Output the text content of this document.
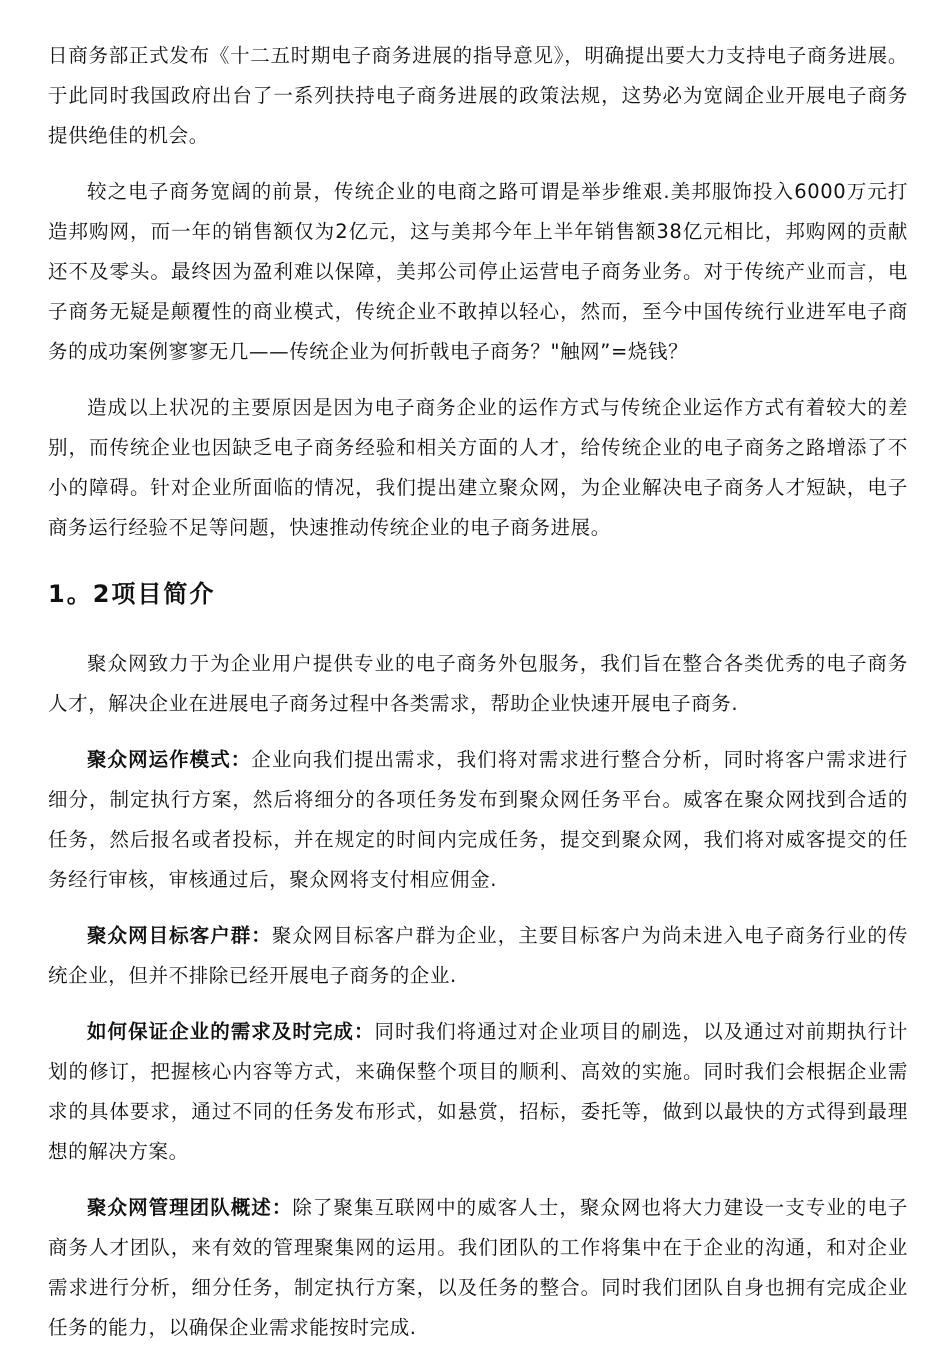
日商务部正式发布《十二五时期电子商务进展的指导意见》，明确提出要大力支持电子商务进展。于此同时我国政府出台了一系列扶持电子商务进展的政策法规，这势必为宽阔企业开展电子商务提供绝佳的机会。

较之电子商务宽阔的前景，传统企业的电商之路可谓是举步维艰.美邦服饰投入6000万元打造邦购网，而一年的销售额仅为2亿元，这与美邦今年上半年销售额38亿元相比，邦购网的贡献还不及零头。最终因为盈利难以保障，美邦公司停止运营电子商务业务。对于传统产业而言，电子商务无疑是颠覆性的商业模式，传统企业不敢掉以轻心，然而，至今中国传统行业进军电子商务的成功案例寥寥无几——传统企业为何折戟电子商务？"触网”=烧钱？

造成以上状况的主要原因是因为电子商务企业的运作方式与传统企业运作方式有着较大的差别，而传统企业也因缺乏电子商务经验和相关方面的人才，给传统企业的电子商务之路增添了不小的障碍。针对企业所面临的情况，我们提出建立聚众网，为企业解决电子商务人才短缺，电子商务运行经验不足等问题，快速推动传统企业的电子商务进展。

1。2项目简介

聚众网致力于为企业用户提供专业的电子商务外包服务，我们旨在整合各类优秀的电子商务人才，解决企业在进展电子商务过程中各类需求，帮助企业快速开展电子商务.

聚众网运作模式：企业向我们提出需求，我们将对需求进行整合分析，同时将客户需求进行细分，制定执行方案，然后将细分的各项任务发布到聚众网任务平台。威客在聚众网找到合适的任务，然后报名或者投标，并在规定的时间内完成任务，提交到聚众网，我们将对威客提交的任务经行审核，审核通过后，聚众网将支付相应佣金.

聚众网目标客户群：聚众网目标客户群为企业，主要目标客户为尚未进入电子商务行业的传统企业，但并不排除已经开展电子商务的企业.

如何保证企业的需求及时完成：同时我们将通过对企业项目的刷选，以及通过对前期执行计划的修订，把握核心内容等方式，来确保整个项目的顺利、高效的实施。同时我们会根据企业需求的具体要求，通过不同的任务发布形式，如悬赏，招标，委托等，做到以最快的方式得到最理想的解决方案。

聚众网管理团队概述：除了聚集互联网中的威客人士，聚众网也将大力建设一支专业的电子商务人才团队，来有效的管理聚集网的运用。我们团队的工作将集中在于企业的沟通，和对企业需求进行分析，细分任务，制定执行方案，以及任务的整合。同时我们团队自身也拥有完成企业任务的能力，以确保企业需求能按时完成.
